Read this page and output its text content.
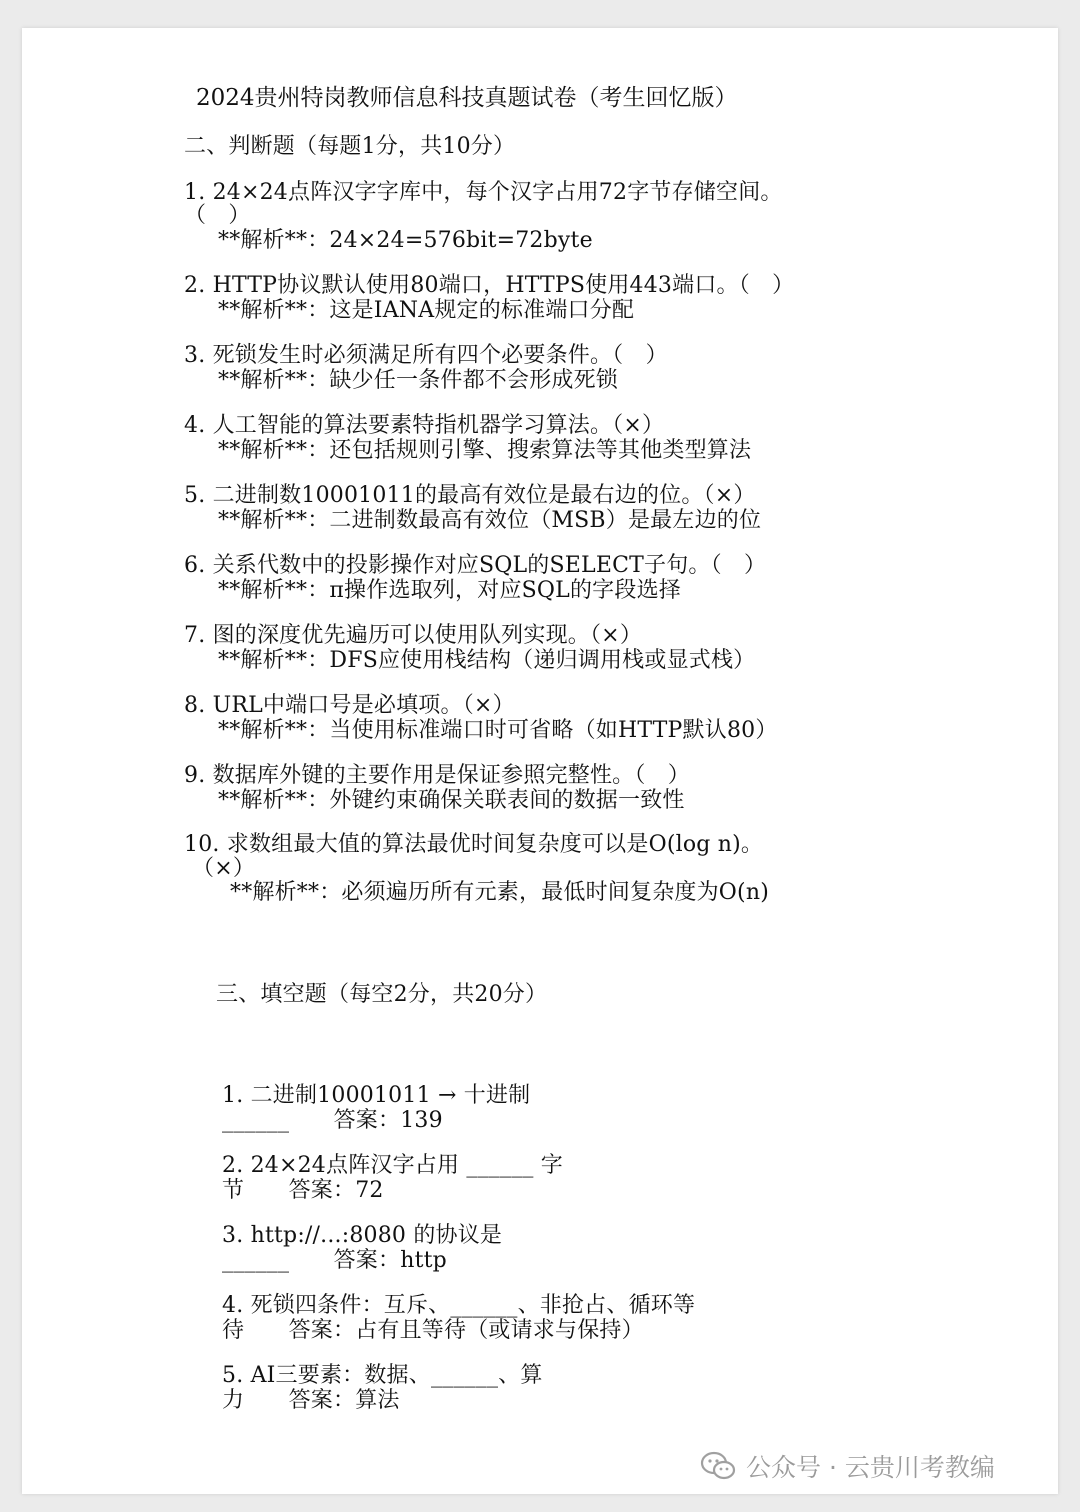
2024贵州特岗教师信息科技真题试卷（考生回忆版）
二、判断题（每题1分，共10分）
1. 24×24点阵汉字字库中，每个汉字占用72字节存储空间。
（　）
**解析**：24×24=576bit=72byte
2. HTTP协议默认使用80端口，HTTPS使用443端口。（　）
**解析**：这是IANA规定的标准端口分配
3. 死锁发生时必须满足所有四个必要条件。（　）
**解析**：缺少任一条件都不会形成死锁
4. 人工智能的算法要素特指机器学习算法。（×）
**解析**：还包括规则引擎、搜索算法等其他类型算法
5. 二进制数10001011的最高有效位是最右边的位。（×）
**解析**：二进制数最高有效位（MSB）是最左边的位
6. 关系代数中的投影操作对应SQL的SELECT子句。（　）
**解析**：π操作选取列，对应SQL的字段选择
7. 图的深度优先遍历可以使用队列实现。（×）
**解析**：DFS应使用栈结构（递归调用栈或显式栈）
8. URL中端口号是必填项。（×）
**解析**：当使用标准端口时可省略（如HTTP默认80）
9. 数据库外键的主要作用是保证参照完整性。（　）
**解析**：外键约束确保关联表间的数据一致性
10. 求数组最大值的算法最优时间复杂度可以是O(log n)。
（×）
**解析**：必须遍历所有元素，最低时间复杂度为O(n)
三、填空题（每空2分，共20分）
1. 二进制10001011 → 十进制
______　　答案：139
2. 24×24点阵汉字占用 ______ 字
节　　答案：72
3. http://...:8080 的协议是
______　　答案：http
4. 死锁四条件：互斥、______、非抢占、循环等
待　　答案：占有且等待（或请求与保持）
5. AI三要素：数据、______、算
力　　答案：算法
公众号 · 云贵川考教编
